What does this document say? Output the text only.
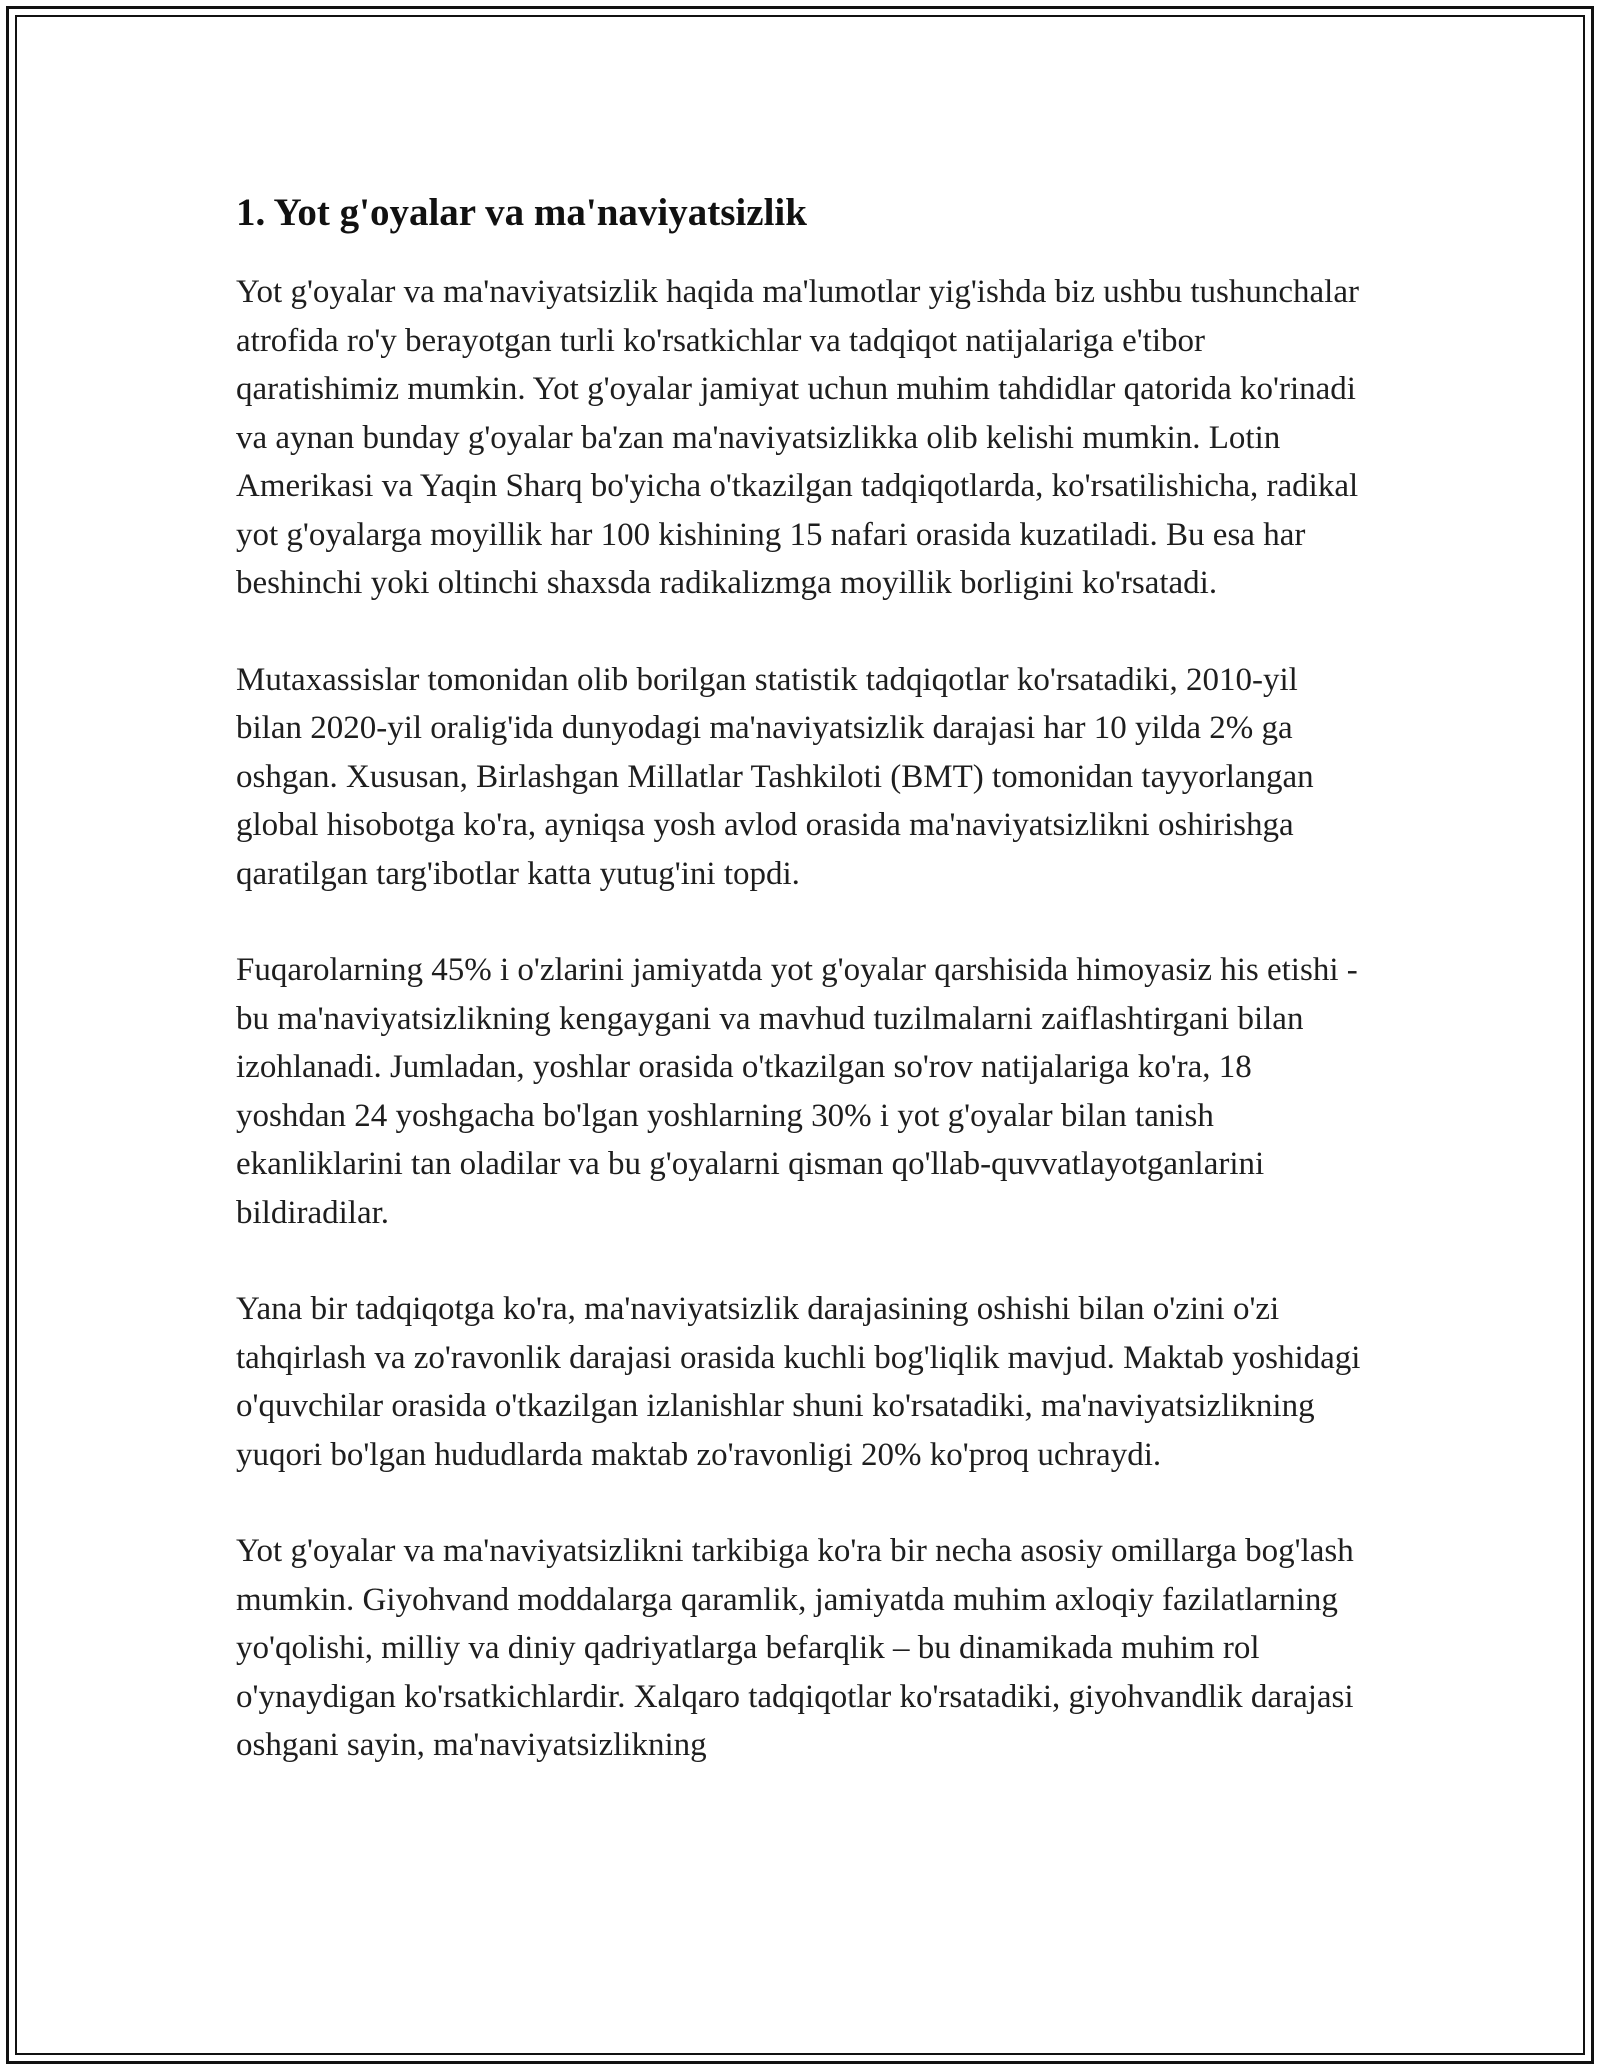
1. Yot g'oyalar va ma'naviyatsizlik

Yot g'oyalar va ma'naviyatsizlik haqida ma'lumotlar yig'ishda biz ushbu tushunchalar atrofida ro'y berayotgan turli ko'rsatkichlar va tadqiqot natijalariga e'tibor qaratishimiz mumkin. Yot g'oyalar jamiyat uchun muhim tahdidlar qatorida ko'rinadi va aynan bunday g'oyalar ba'zan ma'naviyatsizlikka olib kelishi mumkin. Lotin Amerikasi va Yaqin Sharq bo'yicha o'tkazilgan tadqiqotlarda, ko'rsatilishicha, radikal yot g'oyalarga moyillik har 100 kishining 15 nafari orasida kuzatiladi. Bu esa har beshinchi yoki oltinchi shaxsda radikalizmga moyillik borligini ko'rsatadi.

Mutaxassislar tomonidan olib borilgan statistik tadqiqotlar ko'rsatadiki, 2010-yil bilan 2020-yil oralig'ida dunyodagi ma'naviyatsizlik darajasi har 10 yilda 2% ga oshgan. Xususan, Birlashgan Millatlar Tashkiloti (BMT) tomonidan tayyorlangan global hisobotga ko'ra, ayniqsa yosh avlod orasida ma'naviyatsizlikni oshirishga qaratilgan targ'ibotlar katta yutug'ini topdi.

Fuqarolarning 45% i o'zlarini jamiyatda yot g'oyalar qarshisida himoyasiz his etishi - bu ma'naviyatsizlikning kengaygani va mavhud tuzilmalarni zaiflashtirgani bilan izohlanadi. Jumladan, yoshlar orasida o'tkazilgan so'rov natijalariga ko'ra, 18 yoshdan 24 yoshgacha bo'lgan yoshlarning 30% i yot g'oyalar bilan tanish ekanliklarini tan oladilar va bu g'oyalarni qisman qo'llab-quvvatlayotganlarini bildiradilar.

Yana bir tadqiqotga ko'ra, ma'naviyatsizlik darajasining oshishi bilan o'zini o'zi tahqirlash va zo'ravonlik darajasi orasida kuchli bog'liqlik mavjud. Maktab yoshidagi o'quvchilar orasida o'tkazilgan izlanishlar shuni ko'rsatadiki, ma'naviyatsizlikning yuqori bo'lgan hududlarda maktab zo'ravonligi 20% ko'proq uchraydi.

Yot g'oyalar va ma'naviyatsizlikni tarkibiga ko'ra bir necha asosiy omillarga bog'lash mumkin. Giyohvand moddalarga qaramlik, jamiyatda muhim axloqiy fazilatlarning yo'qolishi, milliy va diniy qadriyatlarga befarqlik – bu dinamikada muhim rol o'ynaydigan ko'rsatkichlardir. Xalqaro tadqiqotlar ko'rsatadiki, giyohvandlik darajasi oshgani sayin, ma'naviyatsizlikning
